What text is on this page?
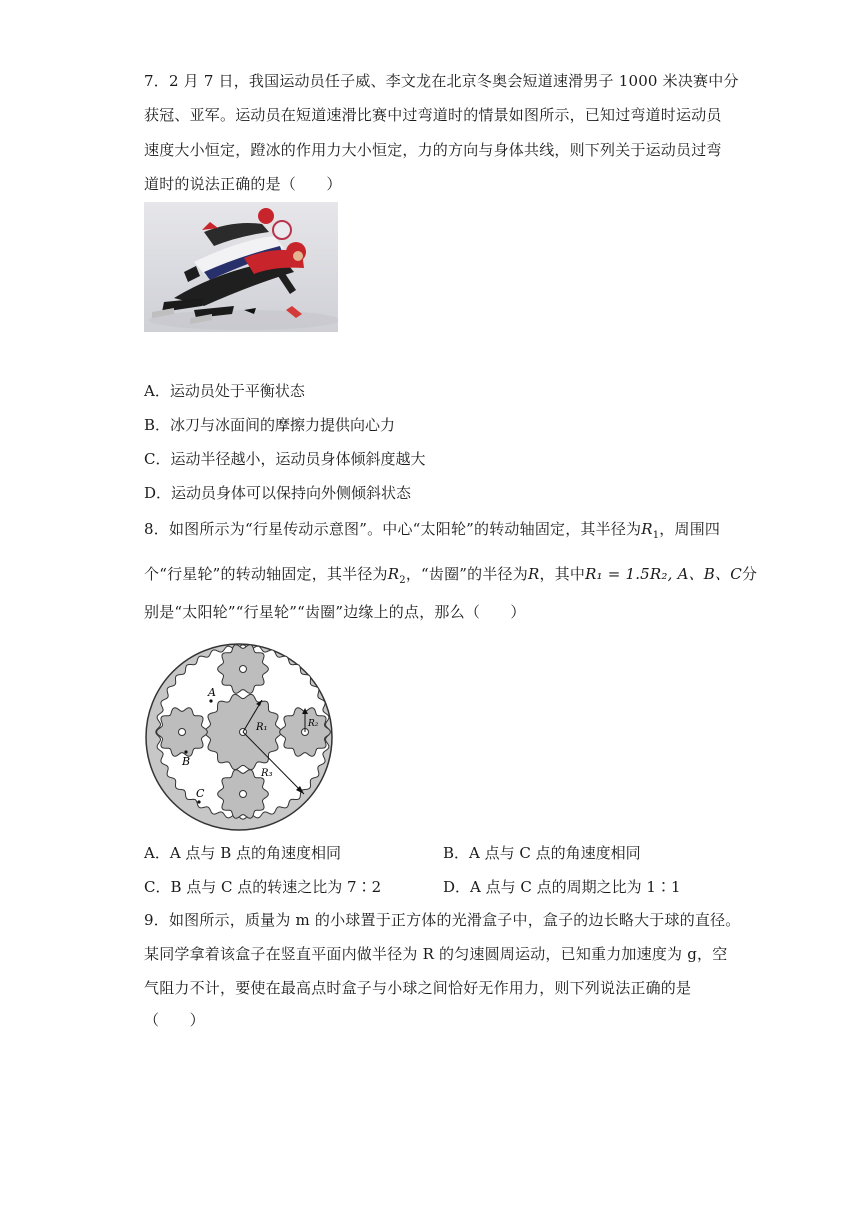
7．2 月 7 日，我国运动员任子威、李文龙在北京冬奥会短道速滑男子 1000 米决赛中分
获冠、亚军。运动员在短道速滑比赛中过弯道时的情景如图所示，已知过弯道时运动员
速度大小恒定，蹬冰的作用力大小恒定，力的方向与身体共线，则下列关于运动员过弯
道时的说法正确的是（　　）
A．运动员处于平衡状态
B．冰刀与冰面间的摩擦力提供向心力
C．运动半径越小，运动员身体倾斜度越大
D．运动员身体可以保持向外侧倾斜状态
8．如图所示为“行星传动示意图”。中心“太阳轮”的转动轴固定，其半径为$R_1$，周围四
个“行星轮”的转动轴固定，其半径为$R_2$，“齿圈”的半径为R，其中R₁ = 1.5R₂, A、B、C分
别是“太阳轮”“行星轮”“齿圈”边缘上的点，那么（　　）
R₁	R₂
R₃
A
B
C
A．A 点与 B 点的角速度相同	B．A 点与 C 点的角速度相同
C．B 点与 C 点的转速之比为 7∶2	D．A 点与 C 点的周期之比为 1∶1
9．如图所示，质量为 m 的小球置于正方体的光滑盒子中，盒子的边长略大于球的直径。
某同学拿着该盒子在竖直平面内做半径为 R 的匀速圆周运动，已知重力加速度为 g，空
气阻力不计，要使在最高点时盒子与小球之间恰好无作用力，则下列说法正确的是
（　　）
